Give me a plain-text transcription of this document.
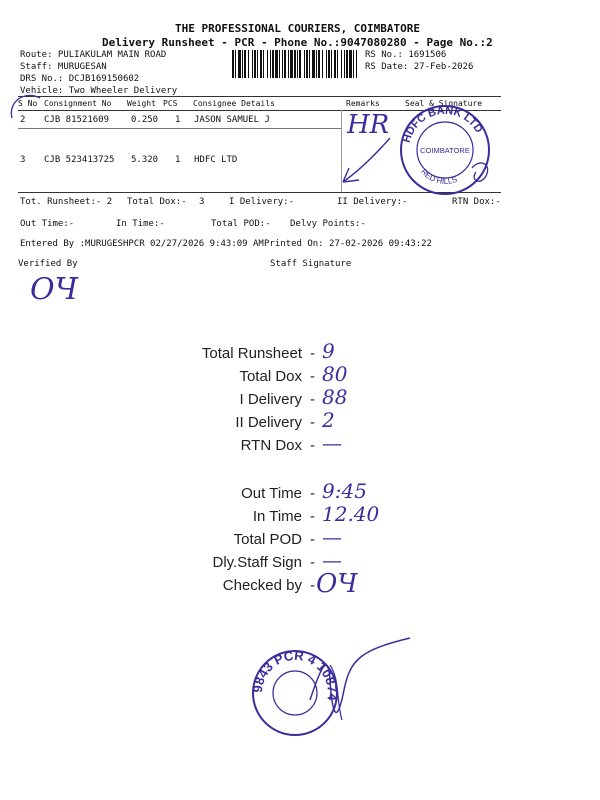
THE PROFESSIONAL COURIERS, COIMBATORE
Delivery Runsheet - PCR - Phone No.:9047080280 - Page No.:2
Route: PULIAKULAM MAIN ROAD
Staff: MURUGESAN
DRS No.: DCJB169150602
Vehicle: Two Wheeler Delivery
RS No.: 1691506
RS Date: 27-Feb-2026
S No Consignment No Weight PCS Consignee Details	Remarks	Seal & Signature
2 CJB 81521609 0.250 1 JASON SAMUEL J
3 CJB 523413725 5.320 1 HDFC LTD
Tot. Runsheet:- 2 Total Dox:- 3	I Delivery:-	II Delivery:-	RTN Dox:-
Out Time:-	In Time:-	Total POD:- Delvy Points:-
Entered By :MURUGESHPCR 02/27/2026 9:43:09 AM Printed On: 27-02-2026 09:43:22
Verified By	Staff Signature
HR HDFC BANK LTD
COIMBATORE
RED HILLS
ОЧ
Total Runsheet - 9
Total Dox - 80
I Delivery - 88
II Delivery - 2
RTN Dox - —
Out Time - 9:45
In Time - 12.40
Total POD - —
Dly.Staff Sign - —
Checked by - ОЧ
9843 PCR 4 10874
